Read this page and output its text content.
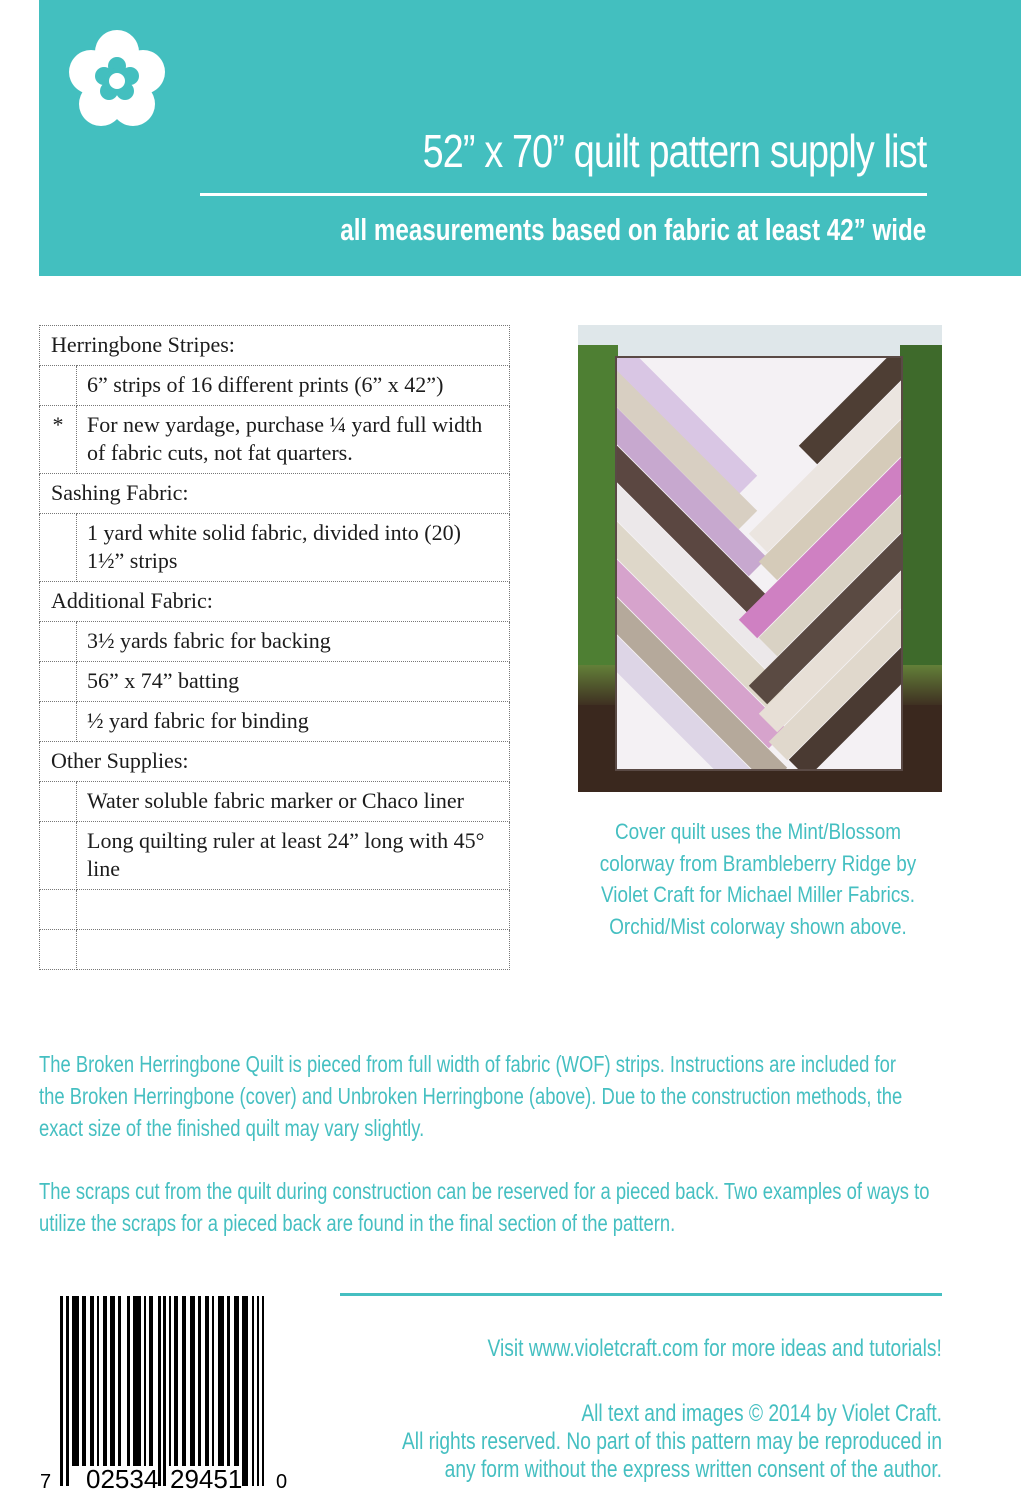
52” x 70” quilt pattern supply list
all measurements based on fabric at least 42” wide
Herringbone Stripes:	
	6” strips of 16 different prints (6” x 42”)
*	For new yardage, purchase ¼ yard full width of fabric cuts, not fat quarters.
Sashing Fabric:	
	1 yard white solid fabric, divided into (20) 1½” strips
Additional Fabric:	
	3½ yards fabric for backing
	56” x 74” batting
	½ yard fabric for binding
Other Supplies:	
	Water soluble fabric marker or Chaco liner
	Long quilting ruler at least 24” long with 45° line

Cover quilt uses the Mint/Blossom colorway from Brambleberry Ridge by Violet Craft for Michael Miller Fabrics. Orchid/Mist colorway shown above.
The Broken Herringbone Quilt is pieced from full width of fabric (WOF) strips. Instructions are included for the Broken Herringbone (cover) and Unbroken Herringbone (above). Due to the construction methods, the exact size of the finished quilt may vary slightly.
The scraps cut from the quilt during construction can be reserved for a pieced back. Two examples of ways to utilize the scraps for a pieced back are found in the final section of the pattern.
7 02534 29451 0
Visit www.violetcraft.com for more ideas and tutorials!
All text and images © 2014 by Violet Craft.
All rights reserved. No part of this pattern may be reproduced in
any form without the express written consent of the author.
